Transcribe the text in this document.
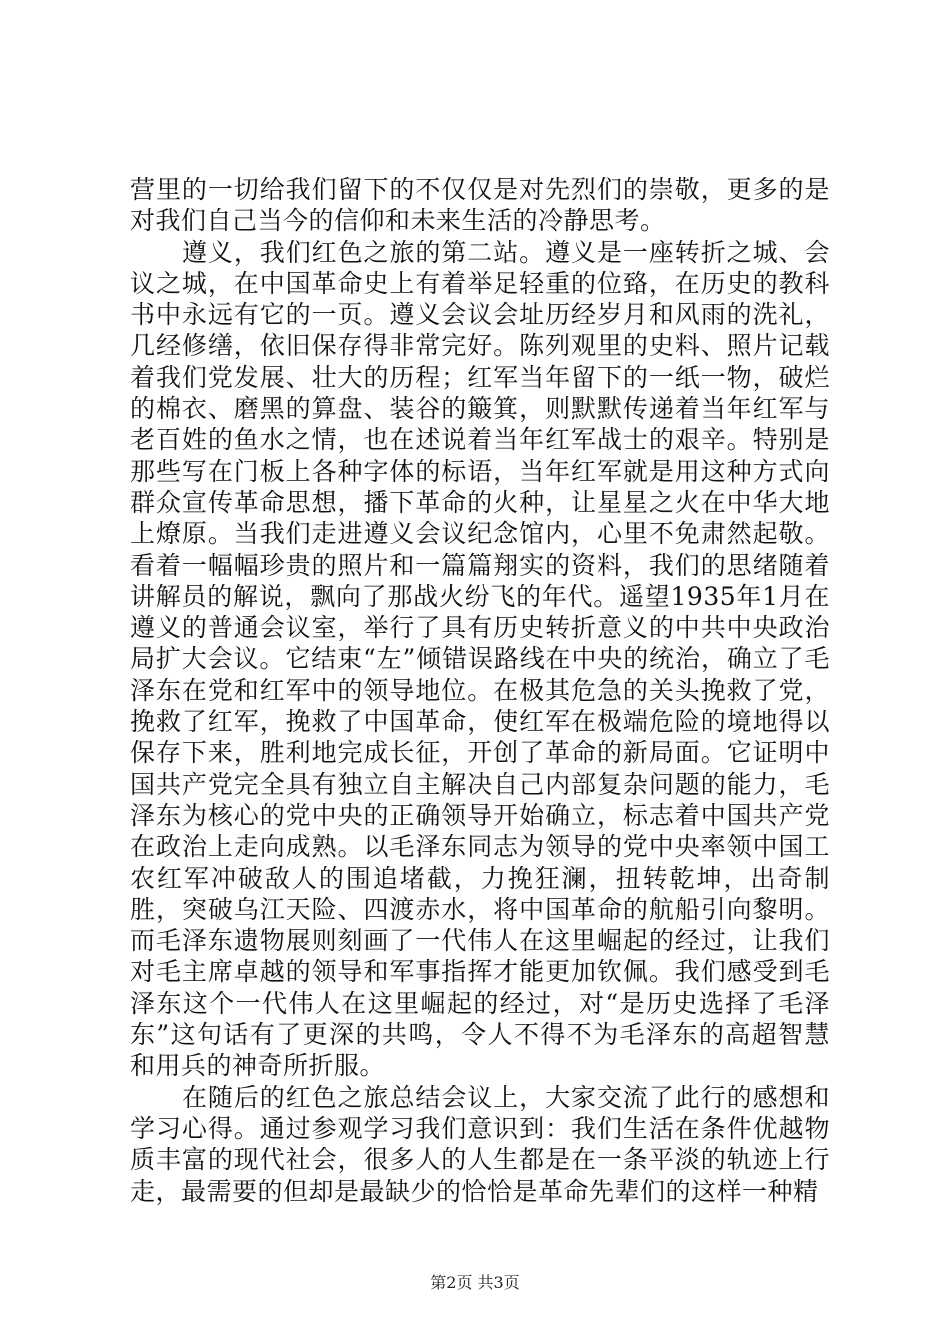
营里的一切给我们留下的不仅仅是对先烈们的崇敬，更多的是对我们自己当今的信仰和未来生活的冷静思考。

遵义，我们红色之旅的第二站。遵义是一座转折之城、会议之城，在中国革命史上有着举足轻重的位臵，在历史的教科书中永远有它的一页。遵义会议会址历经岁月和风雨的洗礼，几经修缮，依旧保存得非常完好。陈列观里的史料、照片记载着我们党发展、壮大的历程；红军当年留下的一纸一物，破烂的棉衣、磨黑的算盘、装谷的簸箕，则默默传递着当年红军与老百姓的鱼水之情，也在述说着当年红军战士的艰辛。特别是那些写在门板上各种字体的标语，当年红军就是用这种方式向群众宣传革命思想，播下革命的火种，让星星之火在中华大地上燎原。当我们走进遵义会议纪念馆内，心里不免肃然起敬。看着一幅幅珍贵的照片和一篇篇翔实的资料，我们的思绪随着讲解员的解说，飘向了那战火纷飞的年代。遥望1935年1月在遵义的普通会议室，举行了具有历史转折意义的中共中央政治局扩大会议。它结束“左”倾错误路线在中央的统治，确立了毛泽东在党和红军中的领导地位。在极其危急的关头挽救了党，挽救了红军，挽救了中国革命，使红军在极端危险的境地得以保存下来，胜利地完成长征，开创了革命的新局面。它证明中国共产党完全具有独立自主解决自己内部复杂问题的能力，毛泽东为核心的党中央的正确领导开始确立，标志着中国共产党在政治上走向成熟。以毛泽东同志为领导的党中央率领中国工农红军冲破敌人的围追堵截，力挽狂澜，扭转乾坤，出奇制胜，突破乌江天险、四渡赤水，将中国革命的航船引向黎明。而毛泽东遗物展则刻画了一代伟人在这里崛起的经过，让我们对毛主席卓越的领导和军事指挥才能更加钦佩。我们感受到毛泽东这个一代伟人在这里崛起的经过，对“是历史选择了毛泽东”这句话有了更深的共鸣，令人不得不为毛泽东的高超智慧和用兵的神奇所折服。

在随后的红色之旅总结会议上，大家交流了此行的感想和学习心得。通过参观学习我们意识到：我们生活在条件优越物质丰富的现代社会，很多人的人生都是在一条平淡的轨迹上行走，最需要的但却是最缺少的恰恰是革命先辈们的这样一种精

第2页 共3页
